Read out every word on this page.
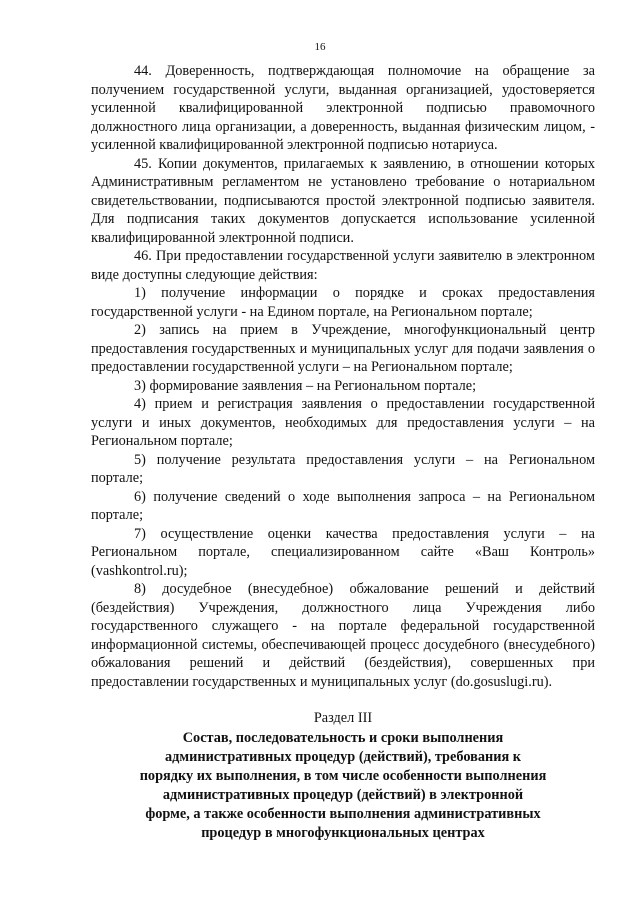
16

44. Доверенность, подтверждающая полномочие на обращение за получением государственной услуги, выданная организацией, удостоверяется усиленной квалифицированной электронной подписью правомочного должностного лица организации, а доверенность, выданная физическим лицом, - усиленной квалифицированной электронной подписью нотариуса.

45. Копии документов, прилагаемых к заявлению, в отношении которых Административным регламентом не установлено требование о нотариальном свидетельствовании, подписываются простой электронной подписью заявителя. Для подписания таких документов допускается использование усиленной квалифицированной электронной подписи.

46. При предоставлении государственной услуги заявителю в электронном виде доступны следующие действия:

1) получение информации о порядке и сроках предоставления государственной услуги - на Едином портале, на Региональном портале;

2) запись на прием в Учреждение, многофункциональный центр предоставления государственных и муниципальных услуг для подачи заявления о предоставлении государственной услуги – на Региональном портале;

3) формирование заявления – на Региональном портале;

4) прием и регистрация заявления о предоставлении государственной услуги и иных документов, необходимых для предоставления услуги – на Региональном портале;

5) получение результата предоставления услуги – на Региональном портале;

6) получение сведений о ходе выполнения запроса – на Региональном портале;

7) осуществление оценки качества предоставления услуги – на Региональном портале, специализированном сайте «Ваш Контроль» (vashkontrol.ru);

8) досудебное (внесудебное) обжалование решений и действий (бездействия) Учреждения, должностного лица Учреждения либо государственного служащего - на портале федеральной государственной информационной системы, обеспечивающей процесс досудебного (внесудебного) обжалования решений и действий (бездействия), совершенных при предоставлении государственных и муниципальных услуг (do.gosuslugi.ru).

Раздел III

Состав, последовательность и сроки выполнения административных процедур (действий), требования к порядку их выполнения, в том числе особенности выполнения административных процедур (действий) в электронной форме, а также особенности выполнения административных процедур в многофункциональных центрах
